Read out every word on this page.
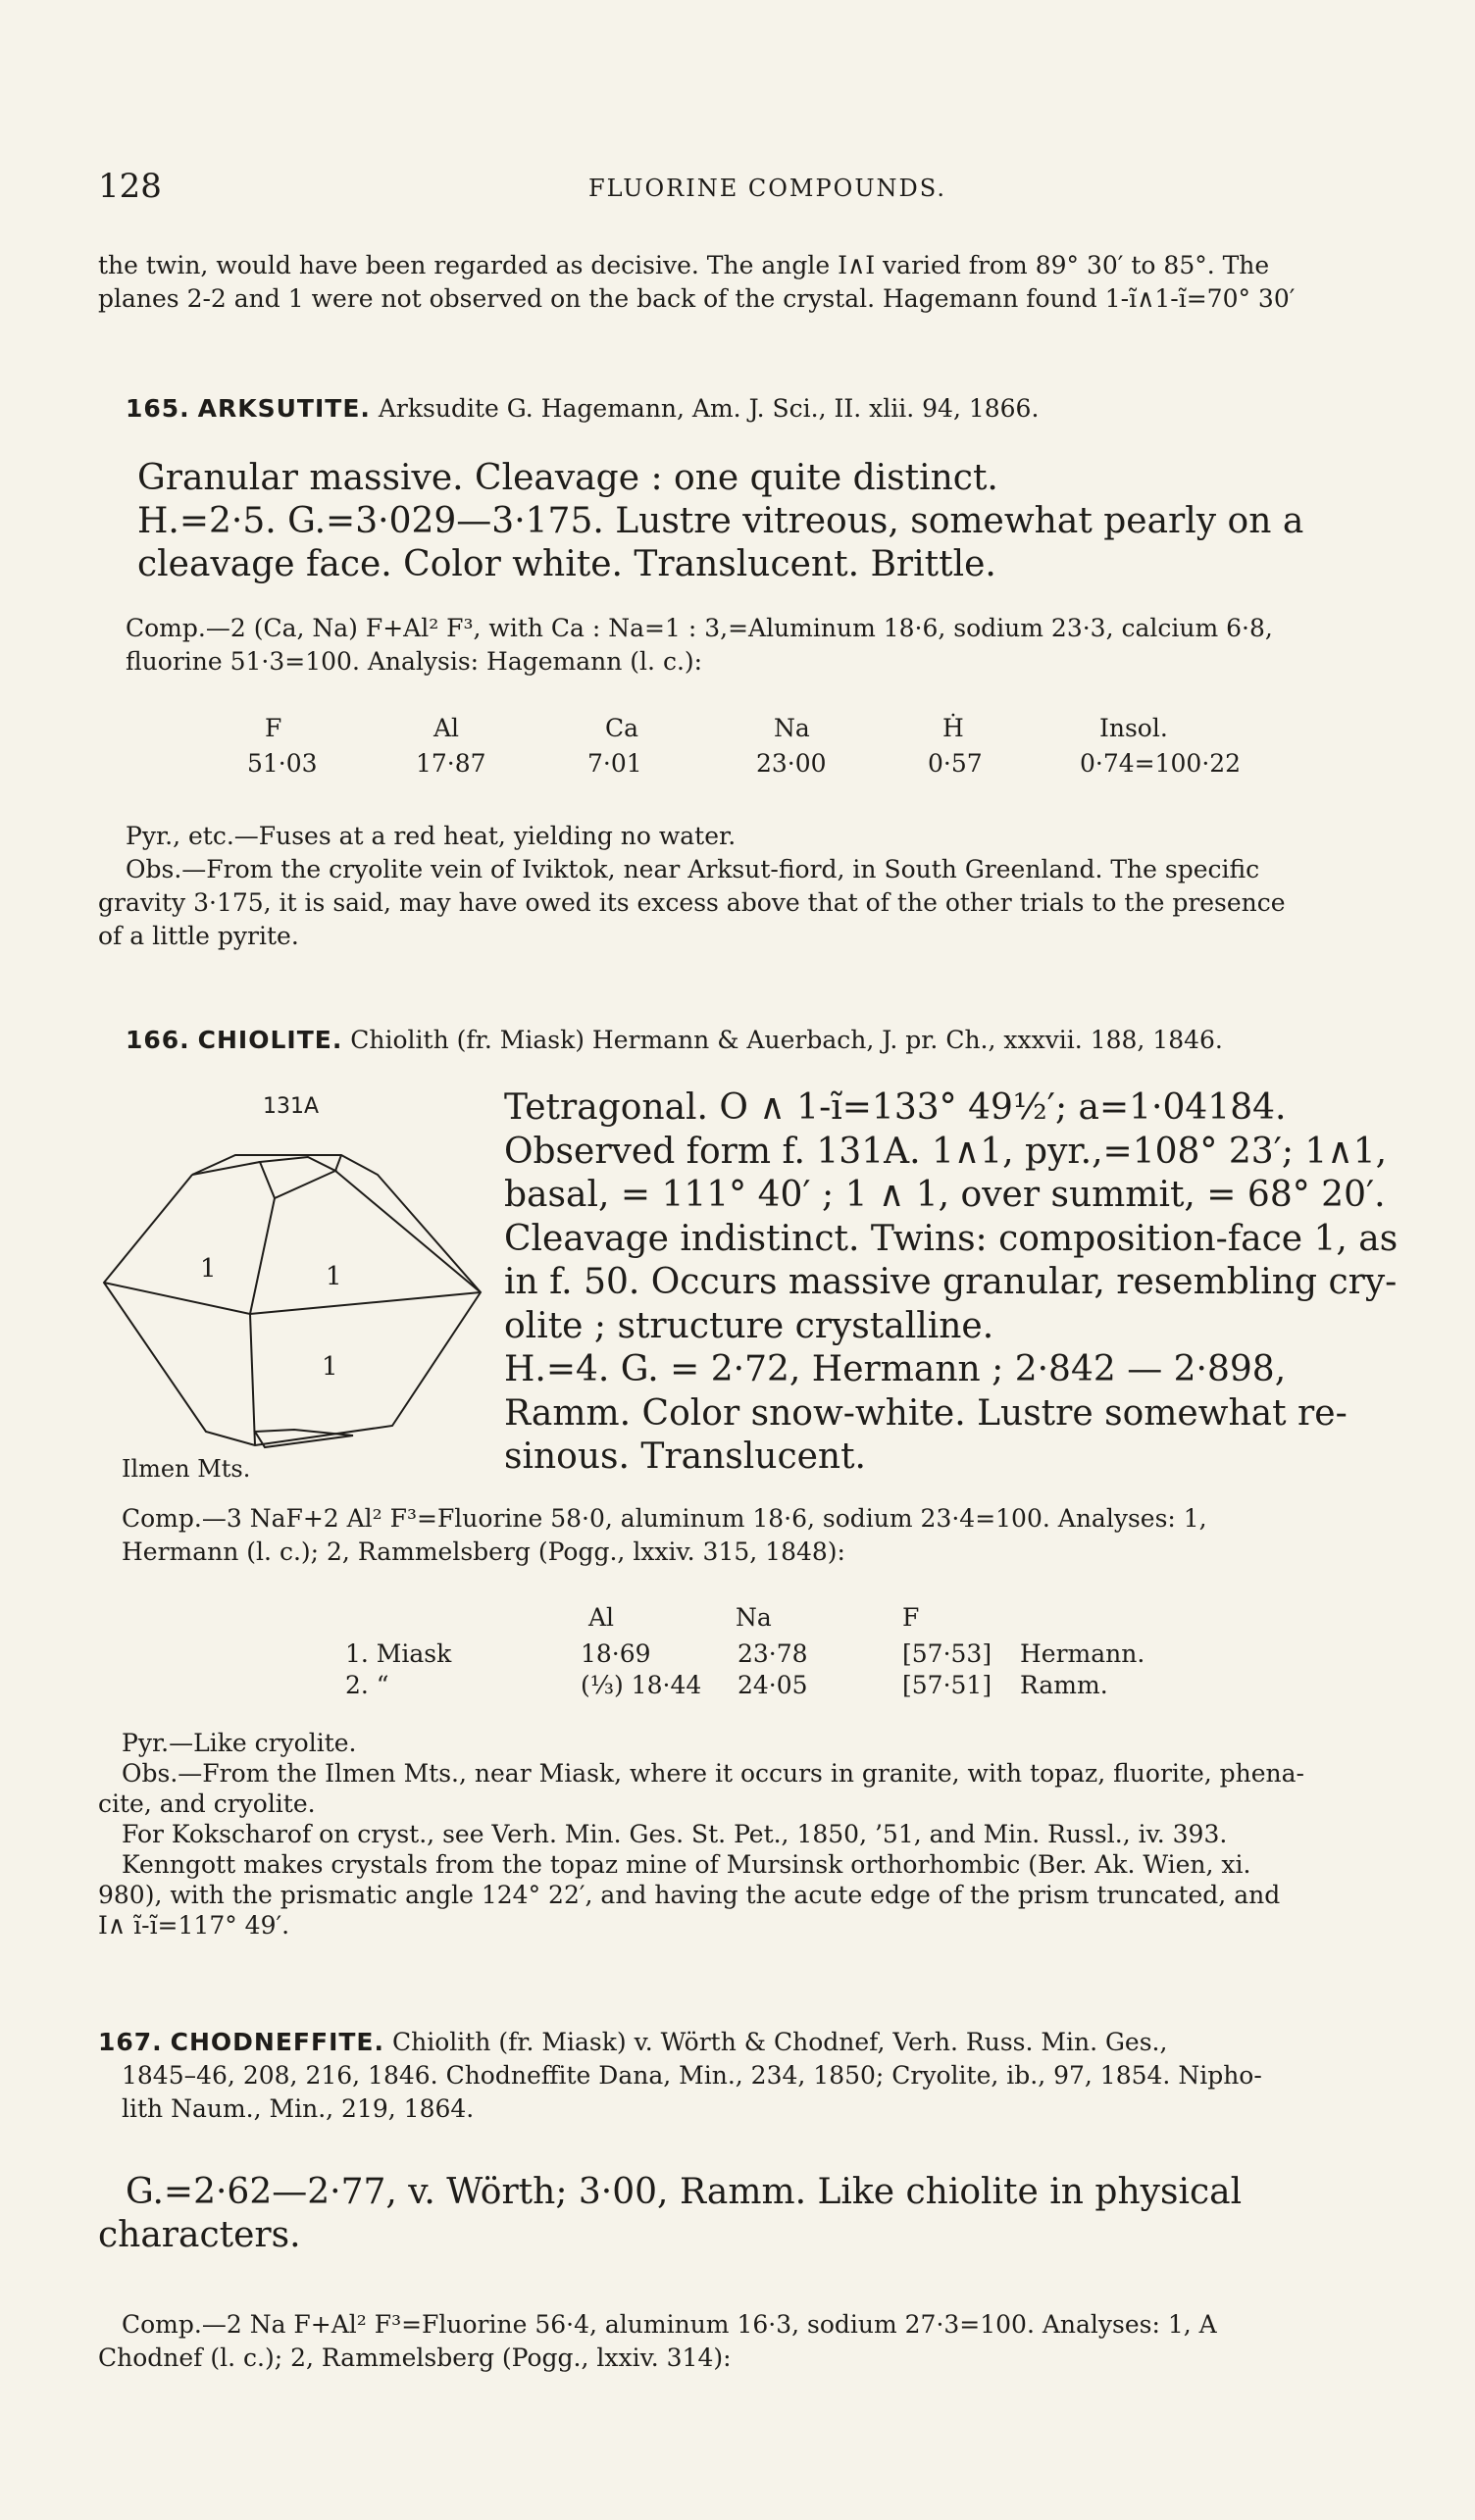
128	FLUORINE COMPOUNDS.
the twin, would have been regarded as decisive. The angle I∧I varied from 89° 30′ to 85°. The
planes 2-2 and 1 were not observed on the back of the crystal. Hagemann found 1-ĩ∧1-ĩ=70° 30′
165. ARKSUTITE. Arksudite G. Hagemann, Am. J. Sci., II. xlii. 94, 1866.
Granular massive. Cleavage : one quite distinct.
H.=2·5. G.=3·029—3·175. Lustre vitreous, somewhat pearly on a
cleavage face. Color white. Translucent. Brittle.
Comp.—2 (Ca, Na) F+Al² F³, with Ca : Na=1 : 3,=Aluminum 18·6, sodium 23·3, calcium 6·8,
fluorine 51·3=100. Analysis: Hagemann (l. c.):
F	Al	Ca	Na	Ḣ	Insol.
51·03	17·87	7·01	23·00	0·57	0·74=100·22
Pyr., etc.—Fuses at a red heat, yielding no water.
Obs.—From the cryolite vein of Iviktok, near Arksut-fiord, in South Greenland. The specific
gravity 3·175, it is said, may have owed its excess above that of the other trials to the presence
of a little pyrite.
166. CHIOLITE. Chiolith (fr. Miask) Hermann & Auerbach, J. pr. Ch., xxxvii. 188, 1846.
131A
1	1
1
Ilmen Mts.
Tetragonal. O ∧ 1-ĩ=133° 49½′; a=1·04184.
Observed form f. 131A. 1∧1, pyr.,=108° 23′; 1∧1,
basal, = 111° 40′ ; 1 ∧ 1, over summit, = 68° 20′.
Cleavage indistinct. Twins: composition-face 1, as
in f. 50. Occurs massive granular, resembling cry-
olite ; structure crystalline.
H.=4. G. = 2·72, Hermann ; 2·842 — 2·898,
Ramm. Color snow-white. Lustre somewhat re-
sinous. Translucent.
Comp.—3 NaF+2 Al² F³=Fluorine 58·0, aluminum 18·6, sodium 23·4=100. Analyses: 1,
Hermann (l. c.); 2, Rammelsberg (Pogg., lxxiv. 315, 1848):
	Al	Na	F
1. Miask	18·69	23·78	[57·53]	Hermann.
2. “	(⅓) 18·44	24·05	[57·51]	Ramm.
Pyr.—Like cryolite.
Obs.—From the Ilmen Mts., near Miask, where it occurs in granite, with topaz, fluorite, phena-
cite, and cryolite.
For Kokscharof on cryst., see Verh. Min. Ges. St. Pet., 1850, ’51, and Min. Russl., iv. 393.
Kenngott makes crystals from the topaz mine of Mursinsk orthorhombic (Ber. Ak. Wien, xi.
980), with the prismatic angle 124° 22′, and having the acute edge of the prism truncated, and
I∧ ĩ-ĩ=117° 49′.
167. CHODNEFFITE. Chiolith (fr. Miask) v. Wörth & Chodnef, Verh. Russ. Min. Ges.,
1845–46, 208, 216, 1846. Chodneffite Dana, Min., 234, 1850; Cryolite, ib., 97, 1854. Nipho-
lith Naum., Min., 219, 1864.
G.=2·62—2·77, v. Wörth; 3·00, Ramm. Like chiolite in physical
characters.
Comp.—2 Na F+Al² F³=Fluorine 56·4, aluminum 16·3, sodium 27·3=100. Analyses: 1, A
Chodnef (l. c.); 2, Rammelsberg (Pogg., lxxiv. 314):
